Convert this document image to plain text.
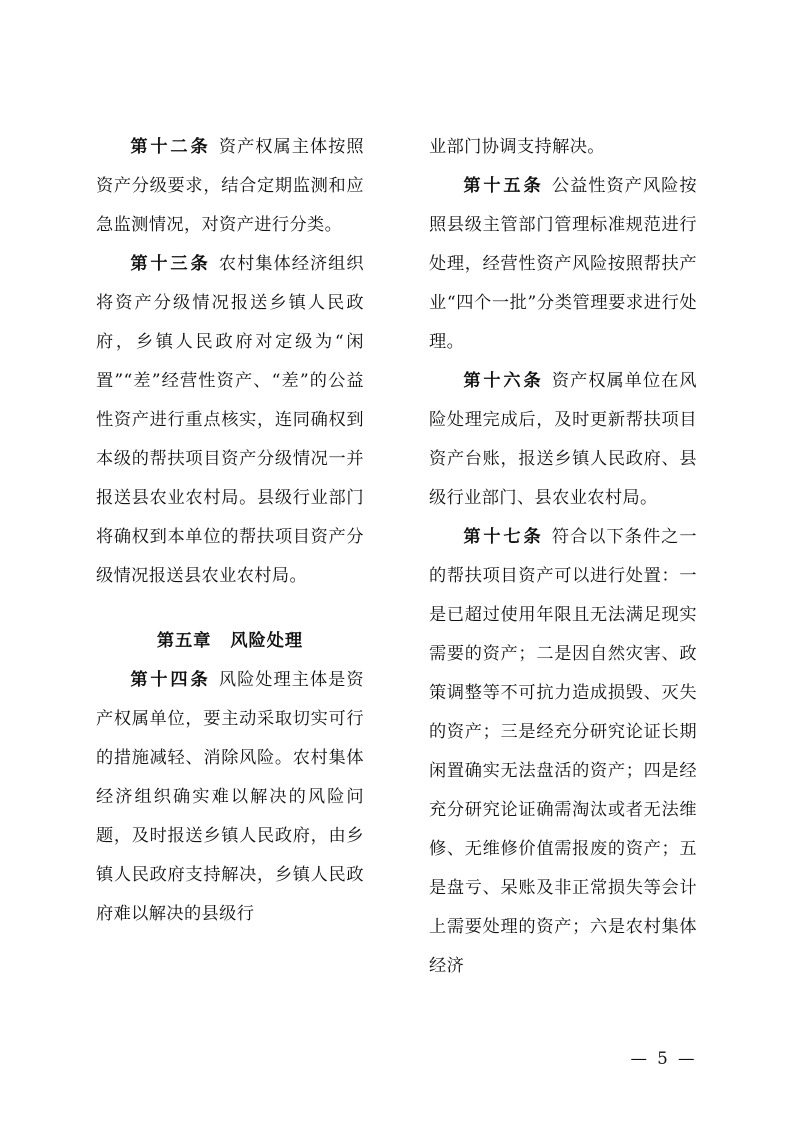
第十二条 资产权属主体按照资产分级要求，结合定期监测和应急监测情况，对资产进行分类。

第十三条 农村集体经济组织将资产分级情况报送乡镇人民政府，乡镇人民政府对定级为“闲置”“差”经营性资产、“差”的公益性资产进行重点核实，连同确权到本级的帮扶项目资产分级情况一并报送县农业农村局。县级行业部门将确权到本单位的帮扶项目资产分级情况报送县农业农村局。

第五章 风险处理

第十四条 风险处理主体是资产权属单位，要主动采取切实可行的措施减轻、消除风险。农村集体经济组织确实难以解决的风险问题，及时报送乡镇人民政府，由乡镇人民政府支持解决，乡镇人民政府难以解决的县级行

业部门协调支持解决。

第十五条 公益性资产风险按照县级主管部门管理标准规范进行处理，经营性资产风险按照帮扶产业“四个一批”分类管理要求进行处理。

第十六条 资产权属单位在风险处理完成后，及时更新帮扶项目资产台账，报送乡镇人民政府、县级行业部门、县农业农村局。

第十七条 符合以下条件之一的帮扶项目资产可以进行处置：一是已超过使用年限且无法满足现实需要的资产；二是因自然灾害、政策调整等不可抗力造成损毁、灭失的资产；三是经充分研究论证长期闲置确实无法盘活的资产；四是经充分研究论证确需淘汰或者无法维修、无维修价值需报废的资产；五是盘亏、呆账及非正常损失等会计上需要处理的资产；六是农村集体经济

— 5 —
